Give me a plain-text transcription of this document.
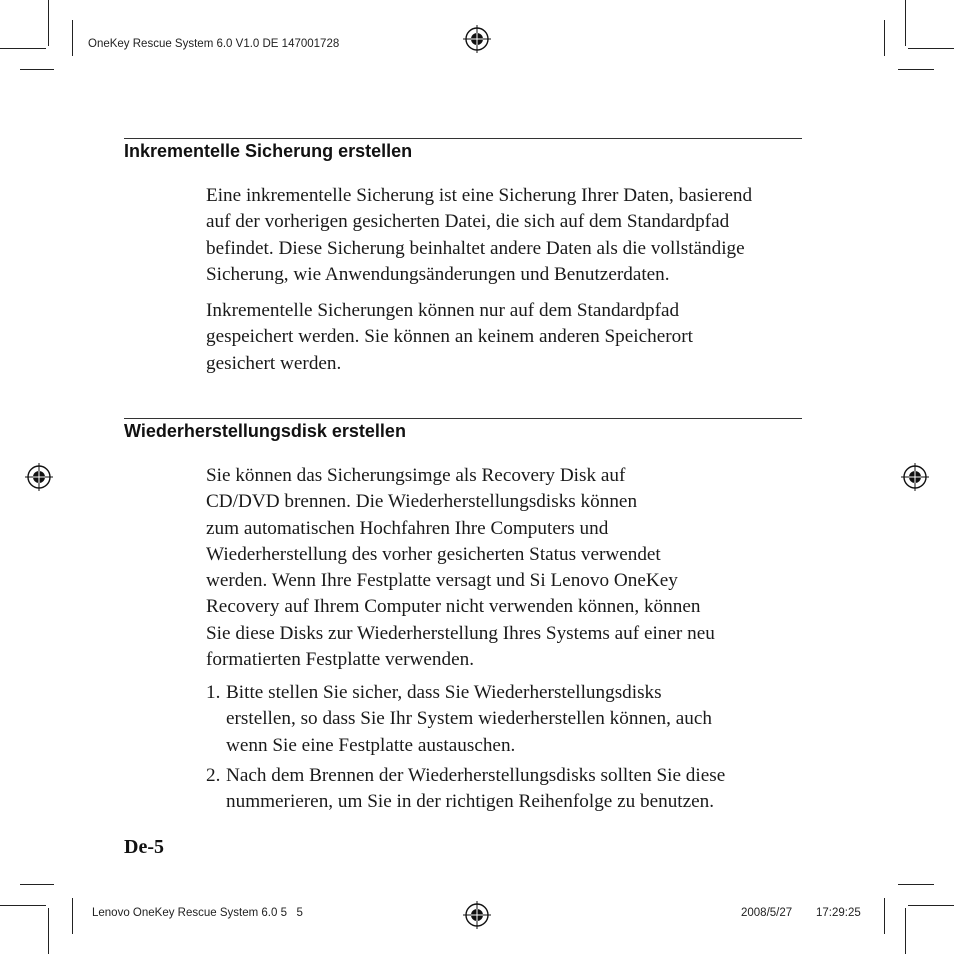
OneKey Rescue System 6.0 V1.0 DE 147001728
Lenovo OneKey Rescue System 6.0 5   5	2008/5/27 17:29:25
Inkrementelle Sicherung erstellen
Eine inkrementelle Sicherung ist eine Sicherung Ihrer Daten, basierend
auf der vorherigen gesicherten Datei, die sich auf dem Standardpfad
befindet. Diese Sicherung beinhaltet andere Daten als die vollständige
Sicherung, wie Anwendungsänderungen und Benutzerdaten.
Inkrementelle Sicherungen können nur auf dem Standardpfad
gespeichert werden. Sie können an keinem anderen Speicherort
gesichert werden.
Wiederherstellungsdisk erstellen
Sie können das Sicherungsimge als Recovery Disk auf
CD/DVD brennen. Die Wiederherstellungsdisks können
zum automatischen Hochfahren Ihre Computers und
Wiederherstellung des vorher gesicherten Status verwendet
werden. Wenn Ihre Festplatte versagt und Si Lenovo OneKey
Recovery auf Ihrem Computer nicht verwenden können, können
Sie diese Disks zur Wiederherstellung Ihres Systems auf einer neu
formatierten Festplatte verwenden.
1. Bitte stellen Sie sicher, dass Sie Wiederherstellungsdisks
erstellen, so dass Sie Ihr System wiederherstellen können, auch
wenn Sie eine Festplatte austauschen.
2. Nach dem Brennen der Wiederherstellungsdisks sollten Sie diese
nummerieren, um Sie in der richtigen Reihenfolge zu benutzen.
De-5
